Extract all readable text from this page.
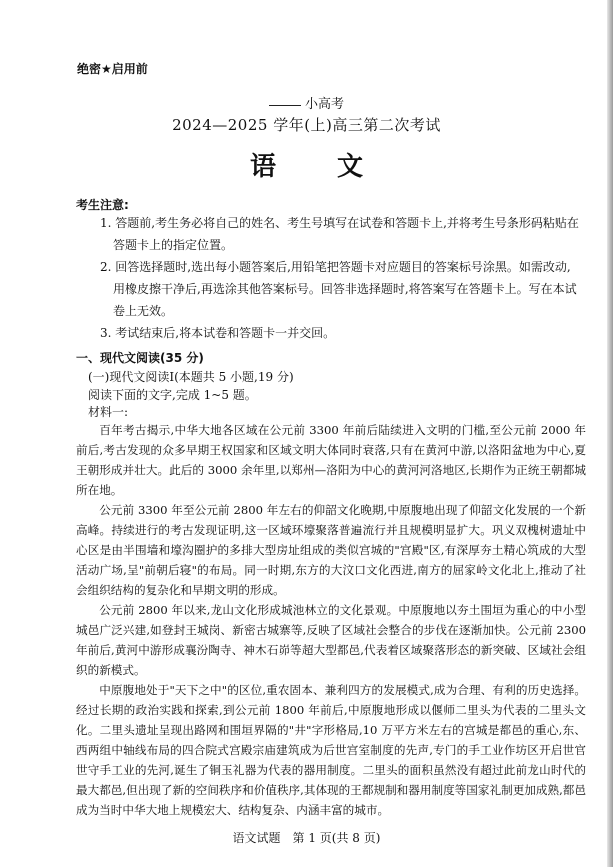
绝密★启用前
小高考
2024—2025 学年(上)高三第二次考试
语 文
考生注意:
1. 答题前,考生务必将自己的姓名、考生号填写在试卷和答题卡上,并将考生号条形码粘贴在答题卡上的指定位置。
2. 回答选择题时,选出每小题答案后,用铅笔把答题卡对应题目的答案标号涂黑。如需改动,用橡皮擦干净后,再选涂其他答案标号。回答非选择题时,将答案写在答题卡上。写在本试卷上无效。
3. 考试结束后,将本试卷和答题卡一并交回。
一、现代文阅读(35 分)
(一)现代文阅读Ⅰ(本题共 5 小题,19 分)
阅读下面的文字,完成 1~5 题。
材料一:

百年考古揭示,中华大地各区域在公元前 3300 年前后陆续进入文明的门槛,至公元前 2000 年前后,考古发现的众多早期王权国家和区域文明大体同时衰落,只有在黄河中游,以洛阳盆地为中心,夏王朝形成并壮大。此后的 3000 余年里,以郑州—洛阳为中心的黄河河洛地区,长期作为正统王朝都城所在地。

公元前 3300 年至公元前 2800 年左右的仰韶文化晚期,中原腹地出现了仰韶文化发展的一个新高峰。持续进行的考古发现证明,这一区域环壕聚落普遍流行并且规模明显扩大。巩义双槐树遗址中心区是由半围墙和壕沟圈护的多排大型房址组成的类似宫城的"宫殿"区,有深厚夯土精心筑成的大型活动广场,呈"前朝后寝"的布局。同一时期,东方的大汶口文化西进,南方的屈家岭文化北上,推动了社会组织结构的复杂化和早期文明的形成。

公元前 2800 年以来,龙山文化形成城池林立的文化景观。中原腹地以夯土围垣为重心的中小型城邑广泛兴建,如登封王城岗、新密古城寨等,反映了区域社会整合的步伐在逐渐加快。公元前 2300 年前后,黄河中游形成襄汾陶寺、神木石峁等超大型都邑,代表着区域聚落形态的新突破、区域社会组织的新模式。

中原腹地处于"天下之中"的区位,重农固本、兼利四方的发展模式,成为合理、有利的历史选择。经过长期的政治实践和探索,到公元前 1800 年前后,中原腹地形成以偃师二里头为代表的二里头文化。二里头遗址呈现出路网和围垣界隔的"井"字形格局,10 万平方米左右的宫城是都邑的重心,东、西两组中轴线布局的四合院式宫殿宗庙建筑成为后世宫室制度的先声,专门的手工业作坊区开启世官世守手工业的先河,诞生了铜玉礼器为代表的器用制度。二里头的面积虽然没有超过此前龙山时代的最大都邑,但出现了新的空间秩序和价值秩序,其体现的王都规制和器用制度等国家礼制更加成熟,都邑成为当时中华大地上规模宏大、结构复杂、内涵丰富的城市。

语文试题　第 1 页(共 8 页)
